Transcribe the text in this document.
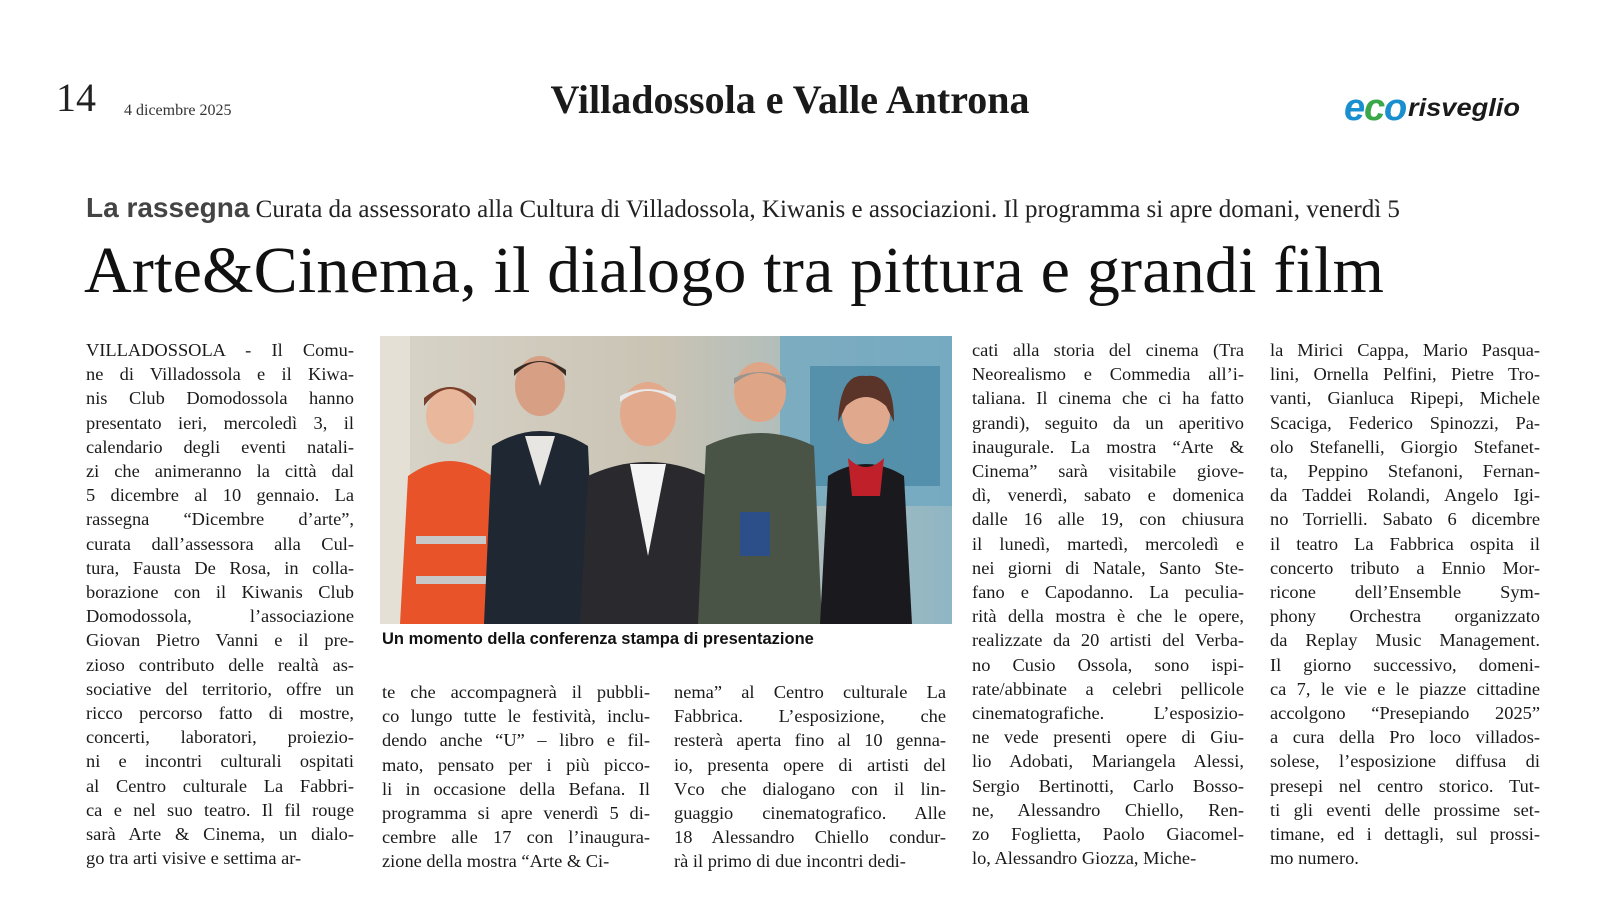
14 4 dicembre 2025	Villadossola e Valle Antrona	e
c
o risveglio
La rassegna Curata da assessorato alla Cultura di Villadossola, Kiwanis e associazioni. Il programma si apre domani, venerdì 5
Arte&Cinema, il dialogo tra pittura e grandi film
Un momento della conferenza stampa di presentazione
VILLADOSSOLA - Il Comu-
ne di Villadossola e il Kiwa-
nis Club Domodossola hanno
presentato ieri, mercoledì 3, il
calendario degli eventi natali-
zi che animeranno la città dal
5 dicembre al 10 gennaio. La
rassegna “Dicembre d’arte”,
curata dall’assessora alla Cul-
tura, Fausta De Rosa, in colla-
borazione con il Kiwanis Club
Domodossola, l’associazione
Giovan Pietro Vanni e il pre-
zioso contributo delle realtà as-
sociative del territorio, offre un
ricco percorso fatto di mostre,
concerti, laboratori, proiezio-
ni e incontri culturali ospitati
al Centro culturale La Fabbri-
ca e nel suo teatro. Il fil rouge
sarà Arte & Cinema, un dialo-
go tra arti visive e settima ar-
te che accompagnerà il pubbli-
co lungo tutte le festività, inclu-
dendo anche “U” – libro e fil-
mato, pensato per i più picco-
li in occasione della Befana. Il
programma si apre venerdì 5 di-
cembre alle 17 con l’inaugura-
zione della mostra “Arte & Ci-
nema” al Centro culturale La
Fabbrica. L’esposizione, che
resterà aperta fino al 10 genna-
io, presenta opere di artisti del
Vco che dialogano con il lin-
guaggio cinematografico. Alle
18 Alessandro Chiello condur-
rà il primo di due incontri dedi-
cati alla storia del cinema (Tra
Neorealismo e Commedia all’i-
taliana. Il cinema che ci ha fatto
grandi), seguito da un aperitivo
inaugurale. La mostra “Arte &
Cinema” sarà visitabile giove-
dì, venerdì, sabato e domenica
dalle 16 alle 19, con chiusura
il lunedì, martedì, mercoledì e
nei giorni di Natale, Santo Ste-
fano e Capodanno. La peculia-
rità della mostra è che le opere,
realizzate da 20 artisti del Verba-
no Cusio Ossola, sono ispi-
rate/abbinate a celebri pellicole
cinematografiche. L’esposizio-
ne vede presenti opere di Giu-
lio Adobati, Mariangela Alessi,
Sergio Bertinotti, Carlo Bosso-
ne, Alessandro Chiello, Ren-
zo Foglietta, Paolo Giacomel-
lo, Alessandro Giozza, Miche-
la Mirici Cappa, Mario Pasqua-
lini, Ornella Pelfini, Pietre Tro-
vanti, Gianluca Ripepi, Michele
Scaciga, Federico Spinozzi, Pa-
olo Stefanelli, Giorgio Stefanet-
ta, Peppino Stefanoni, Fernan-
da Taddei Rolandi, Angelo Igi-
no Torrielli. Sabato 6 dicembre
il teatro La Fabbrica ospita il
concerto tributo a Ennio Mor-
ricone dell’Ensemble Sym-
phony Orchestra organizzato
da Replay Music Management.
Il giorno successivo, domeni-
ca 7, le vie e le piazze cittadine
accolgono “Presepiando 2025”
a cura della Pro loco villados-
solese, l’esposizione diffusa di
presepi nel centro storico. Tut-
ti gli eventi delle prossime set-
timane, ed i dettagli, sul prossi-
mo numero.
